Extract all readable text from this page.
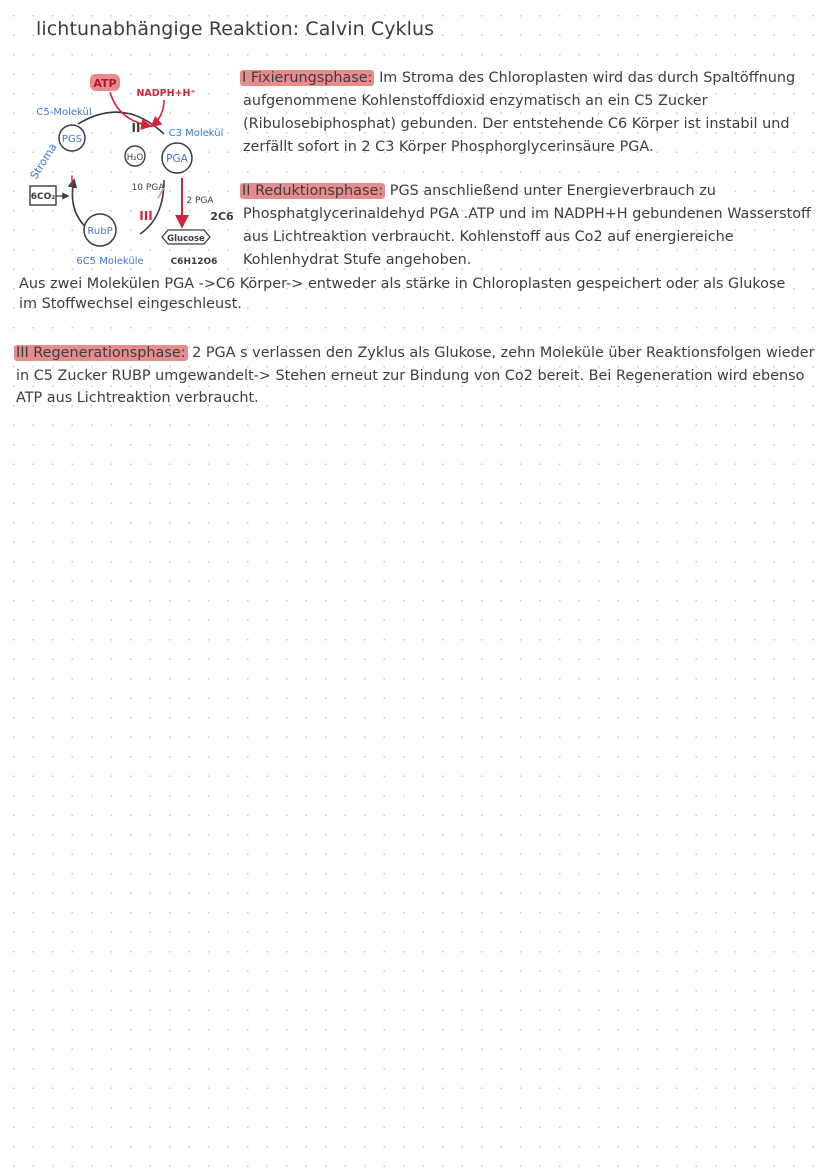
lichtunabhängige Reaktion: Calvin Cyklus
ATP
NADPH+H⁺
C5-Molekül
II	C3 Molekül
PGS
Stroma	H₂O PGA
I
6CO₂
10 PGA
2 PGA
2C6
III
RubP
Glucose
6C5 Moleküle	C6H12O6
I Fixierungsphase: Im Stroma des Chloroplasten wird das durch Spaltöffnung
aufgenommene Kohlenstoffdioxid enzymatisch an ein C5 Zucker
(Ribulosebiphosphat) gebunden. Der entstehende C6 Körper ist instabil und
zerfällt sofort in 2 C3 Körper Phosphorglycerinsäure PGA.
II Reduktionsphase: PGS anschließend unter Energieverbrauch zu
Phosphatglycerinaldehyd PGA .ATP und im NADPH+H gebundenen Wasserstoff
aus Lichtreaktion verbraucht. Kohlenstoff aus Co2 auf energiereiche
Kohlenhydrat Stufe angehoben.
Aus zwei Molekülen PGA ->C6 Körper-> entweder als stärke in Chloroplasten gespeichert oder als Glukose
im Stoffwechsel eingeschleust.
III Regenerationsphase: 2 PGA s verlassen den Zyklus als Glukose, zehn Moleküle über Reaktionsfolgen wieder
in C5 Zucker RUBP umgewandelt-> Stehen erneut zur Bindung von Co2 bereit. Bei Regeneration wird ebenso
ATP aus Lichtreaktion verbraucht.
